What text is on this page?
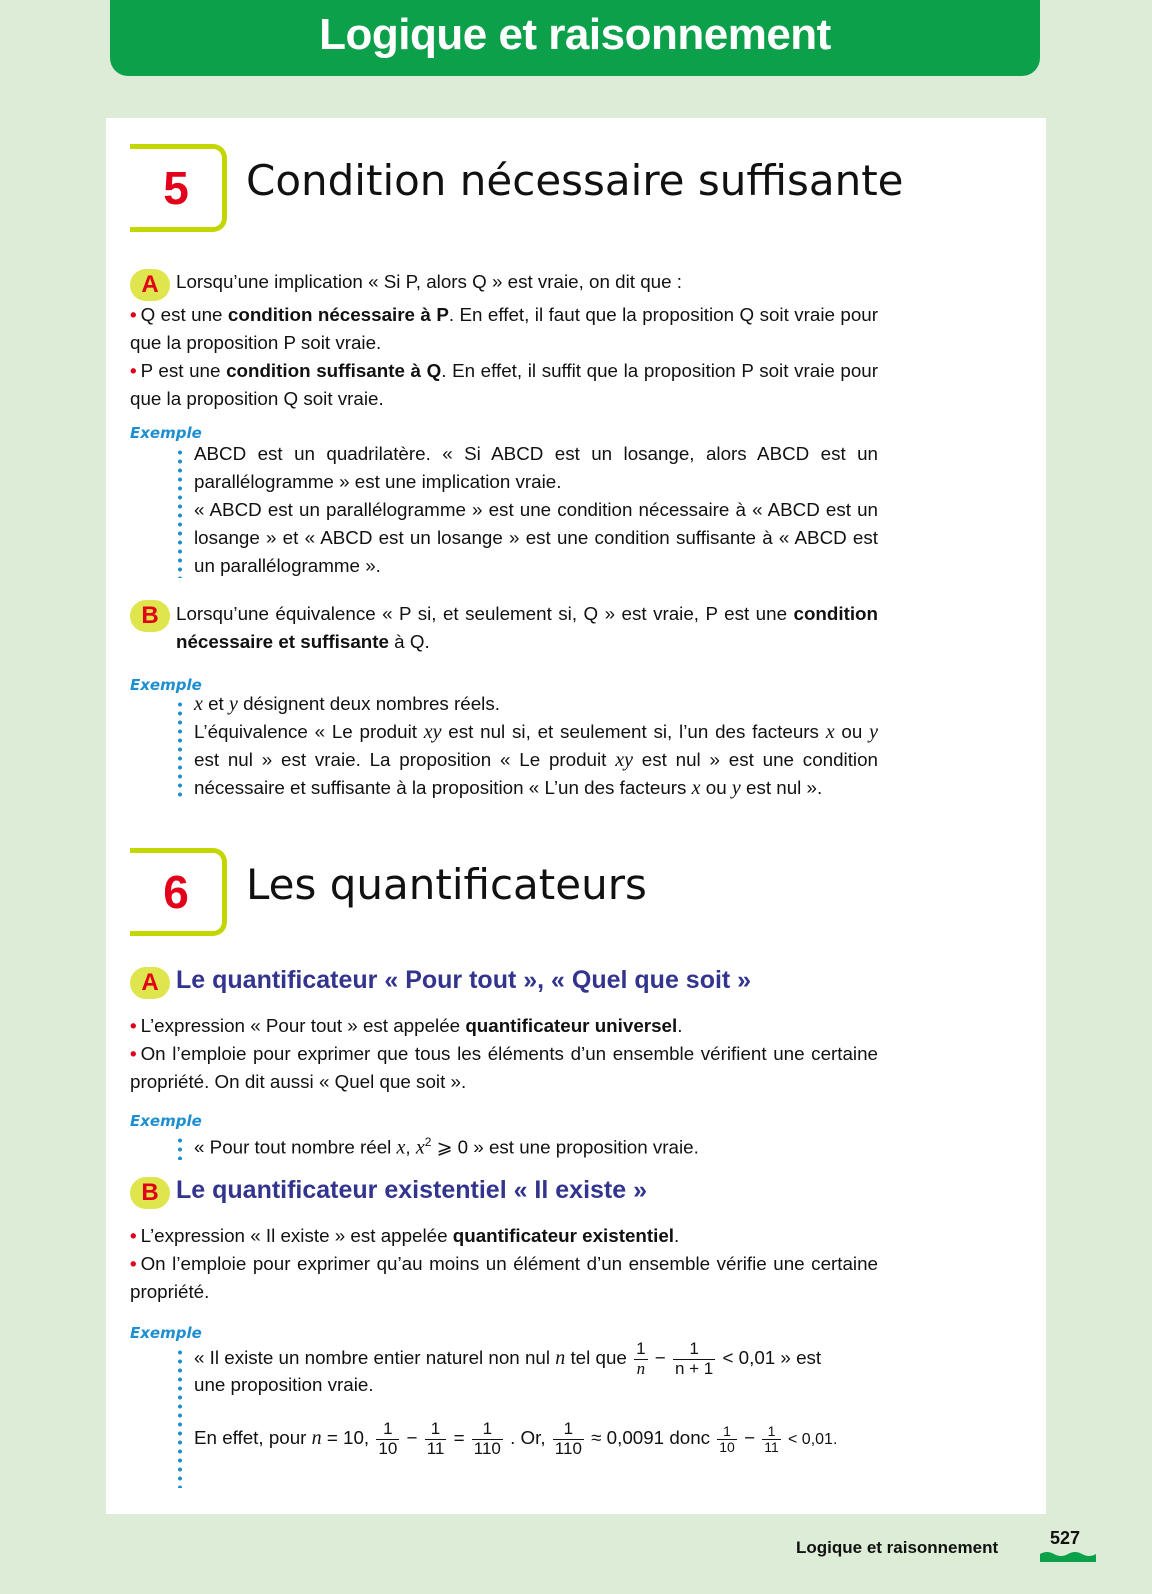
Logique et raisonnement
5	Condition nécessaire suffisante
A Lorsqu’une implication « Si P, alors Q » est vraie, on dit que :
• Q est une condition nécessaire à P. En effet, il faut que la proposition Q soit vraie pour que la proposition P soit vraie.
• P est une condition suffisante à Q. En effet, il suffit que la proposition P soit vraie pour que la proposition Q soit vraie.
Exemple
ABCD est un quadrilatère. « Si ABCD est un losange, alors ABCD est un parallélogramme » est une implication vraie.
« ABCD est un parallélogramme » est une condition nécessaire à « ABCD est un losange » et « ABCD est un losange » est une condition suffisante à « ABCD est un parallélogramme ».
B Lorsqu’une équivalence « P si, et seulement si, Q » est vraie, P est une condition nécessaire et suffisante à Q.
Exemple
x et y désignent deux nombres réels.
L’équivalence « Le produit xy est nul si, et seulement si, l’un des facteurs x ou y est nul » est vraie. La proposition « Le produit xy est nul » est une condition nécessaire et suffisante à la proposition « L’un des facteurs x ou y est nul ».
6	Les quantificateurs
A Le quantificateur « Pour tout », « Quel que soit »
• L’expression « Pour tout » est appelée quantificateur universel.
• On l’emploie pour exprimer que tous les éléments d’un ensemble vérifient une certaine propriété. On dit aussi « Quel que soit ».
Exemple
« Pour tout nombre réel x, $x^2$ ⩾ 0 » est une proposition vraie.
B Le quantificateur existentiel « Il existe »
• L’expression « Il existe » est appelée quantificateur existentiel.
• On l’emploie pour exprimer qu’au moins un élément d’un ensemble vérifie une certaine propriété.
Exemple
« Il existe un nombre entier naturel non nul n tel que $\frac{1}{n} - \frac{1}{n + 1} < 0,01$ » est
une proposition vraie.
En effet, pour n = 10, $\frac{1}{10} - \frac{1}{11} = \frac{1}{110}$ . Or, $\frac{1}{110} \approx 0,0091$ donc $\frac{1}{10} - \frac{1}{11} < 0,01$.
Logique et raisonnement	527
